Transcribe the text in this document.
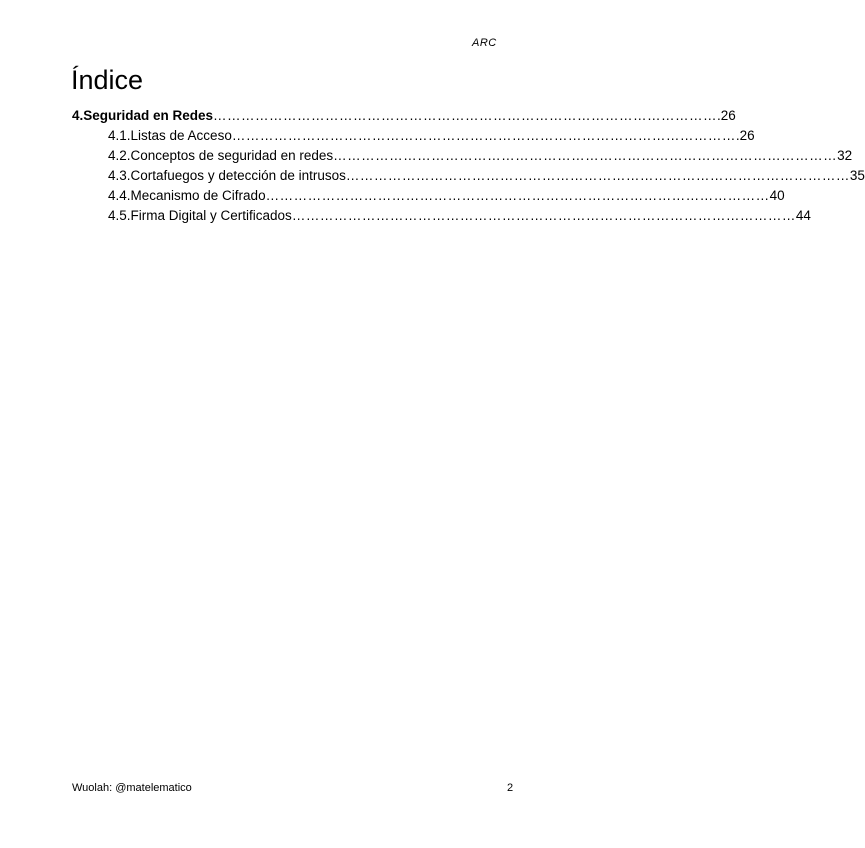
ARC
Índice
4.Seguridad en Redes ……………………………………………………………………………………………… .26
4.1.Listas de Acceso ……………………………………………………………………………………………… .26
4.2.Conceptos de seguridad en redes ……………………………………………………………………………………………… 32
4.3.Cortafuegos y detección de intrusos ……………………………………………………………………………………………… 35
4.4.Mecanismo de Cifrado ……………………………………………………………………………………………… 40
4.5.Firma Digital y Certificados ……………………………………………………………………………………………… 44
Wuolah: @matelematico	2
